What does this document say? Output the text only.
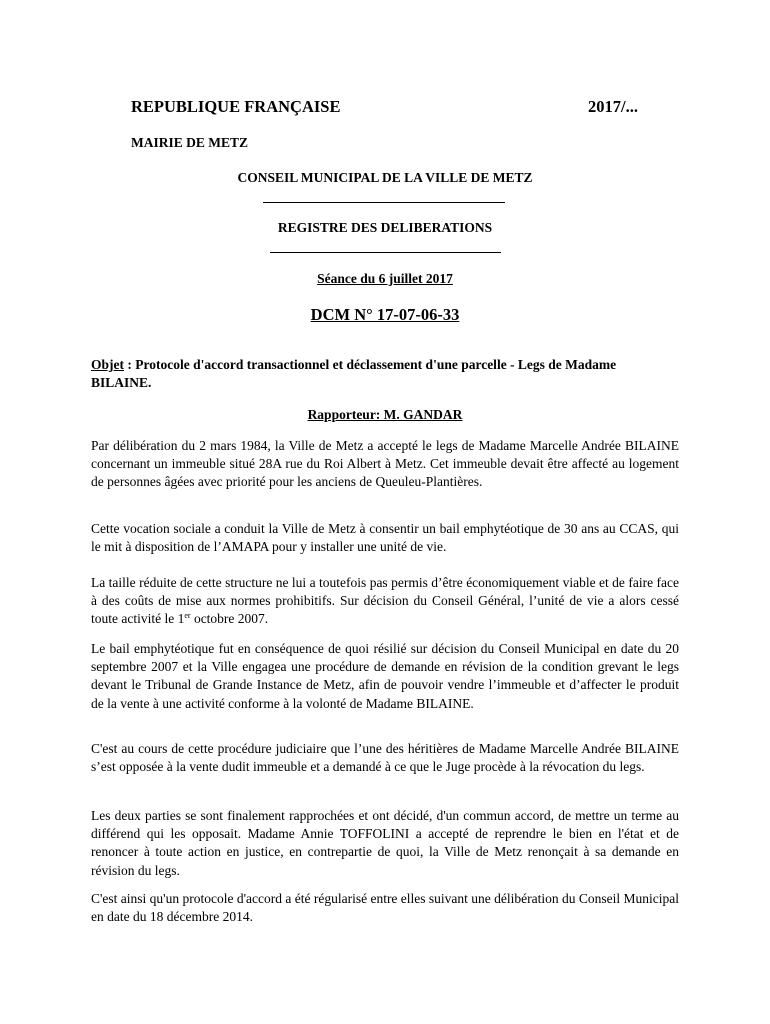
REPUBLIQUE FRANÇAISE	2017/...
MAIRIE DE METZ
CONSEIL MUNICIPAL DE LA VILLE DE METZ
REGISTRE DES DELIBERATIONS
Séance du 6 juillet 2017
DCM N° 17-07-06-33
Objet : Protocole d'accord transactionnel et déclassement d'une parcelle - Legs de Madame BILAINE.
Rapporteur: M. GANDAR

Par délibération du 2 mars 1984, la Ville de Metz a accepté le legs de Madame Marcelle Andrée BILAINE concernant un immeuble situé 28A rue du Roi Albert à Metz. Cet immeuble devait être affecté au logement de personnes âgées avec priorité pour les anciens de Queuleu-Plantières.

Cette vocation sociale a conduit la Ville de Metz à consentir un bail emphytéotique de 30 ans au CCAS, qui le mit à disposition de l’AMAPA pour y installer une unité de vie.

La taille réduite de cette structure ne lui a toutefois pas permis d’être économiquement viable et de faire face à des coûts de mise aux normes prohibitifs. Sur décision du Conseil Général, l’unité de vie a alors cessé toute activité le 1er octobre 2007.

Le bail emphytéotique fut en conséquence de quoi résilié sur décision du Conseil Municipal en date du 20 septembre 2007 et la Ville engagea une procédure de demande en révision de la condition grevant le legs devant le Tribunal de Grande Instance de Metz, afin de pouvoir vendre l’immeuble et d’affecter le produit de la vente à une activité conforme à la volonté de Madame BILAINE.

C'est au cours de cette procédure judiciaire que l’une des héritières de Madame Marcelle Andrée BILAINE s’est opposée à la vente dudit immeuble et a demandé à ce que le Juge procède à la révocation du legs.

Les deux parties se sont finalement rapprochées et ont décidé, d'un commun accord, de mettre un terme au différend qui les opposait. Madame Annie TOFFOLINI a accepté de reprendre le bien en l'état et de renoncer à toute action en justice, en contrepartie de quoi, la Ville de Metz renonçait à sa demande en révision du legs.

C'est ainsi qu'un protocole d'accord a été régularisé entre elles suivant une délibération du Conseil Municipal en date du 18 décembre 2014.
